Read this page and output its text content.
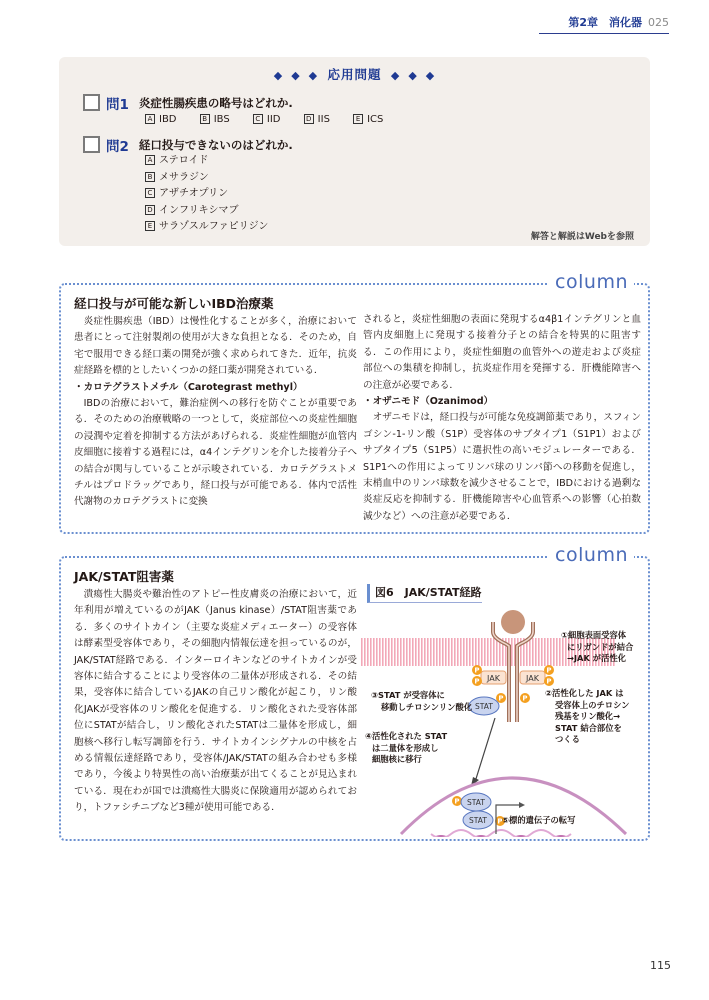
第2章　消化器 025
◆ ◆ ◆ 応用問題 ◆ ◆ ◆
問1 炎症性腸疾患の略号はどれか.
A IBD	B IBS	C IID	D IIS	E ICS
問2 経口投与できないのはどれか.
A ステロイド
B メサラジン
C アザチオプリン
D インフリキシマブ
E サラゾスルファピリジン
解答と解説はWebを参照
column
経口投与が可能な新しいIBD治療薬

炎症性腸疾患（IBD）は慢性化することが多く，治療において患者にとって注射製剤の使用が大きな負担となる．そのため，自宅で服用できる経口薬の開発が強く求められてきた．近年，抗炎症経路を標的としたいくつかの経口薬が開発されている．

・カロテグラストメチル（Carotegrast methyl）

IBDの治療において，難治症例への移行を防ぐことが重要である．そのための治療戦略の一つとして，炎症部位への炎症性細胞の浸潤や定着を抑制する方法があげられる．炎症性細胞が血管内皮細胞に接着する過程には，α4インテグリンを介した接着分子への結合が関与していることが示唆されている．カロテグラストメチルはプロドラッグであり，経口投与が可能である．体内で活性代謝物のカロテグラストに変換

されると，炎症性細胞の表面に発現するα4β1インテグリンと血管内皮細胞上に発現する接着分子との結合を特異的に阻害する．この作用により，炎症性細胞の血管外への遊走および炎症部位への集積を抑制し，抗炎症作用を発揮する．肝機能障害への注意が必要である．
・オザニモド（Ozanimod）

オザニモドは，経口投与が可能な免疫調節薬であり，スフィンゴシン-1-リン酸（S1P）受容体のサブタイプ1（S1P1）およびサブタイプ5（S1P5）に選択性の高いモジュレーターである．S1P1への作用によってリンパ球のリンパ節への移動を促進し，末梢血中のリンパ球数を減少させることで，IBDにおける過剰な炎症反応を抑制する．肝機能障害や心血管系への影響（心拍数減少など）への注意が必要である．

column
JAK/STAT阻害薬

潰瘍性大腸炎や難治性のアトピー性皮膚炎の治療において，近年利用が増えているのがJAK（Janus kinase）/STAT阻害薬である．多くのサイトカイン（主要な炎症メディエーター）の受容体は酵素型受容体であり，その細胞内情報伝達を担っているのが，JAK/STAT経路である．インターロイキンなどのサイトカインが受容体に結合することにより受容体の二量体が形成される．その結果，受容体に結合しているJAKの自己リン酸化が起こり，リン酸化JAKが受容体のリン酸化を促進する．リン酸化された受容体部位にSTATが結合し，リン酸化されたSTATは二量体を形成し，細胞核へ移行し転写調節を行う．サイトカインシグナルの中核を占める情報伝達経路であり，受容体/JAK/STATの組み合わせも多様であり，今後より特異性の高い治療薬が出てくることが見込まれている．現在わが国では潰瘍性大腸炎に保険適用が認められており，トファシチニブなど3種が使用可能である．

図6　JAK/STAT経路
JAK	JAK
P
P
P
P
P	P
P
P
STAT
STAT
STAT
①細胞表面受容体
にリガンドが結合
→JAK が活性化
②活性化した JAK は
受容体上のチロシン
残基をリン酸化→
STAT 結合部位を
つくる
③STAT が受容体に
移動しチロシンリン酸化
④活性化された STAT
は二量体を形成し
細胞核に移行
⑤標的遺伝子の転写
115
